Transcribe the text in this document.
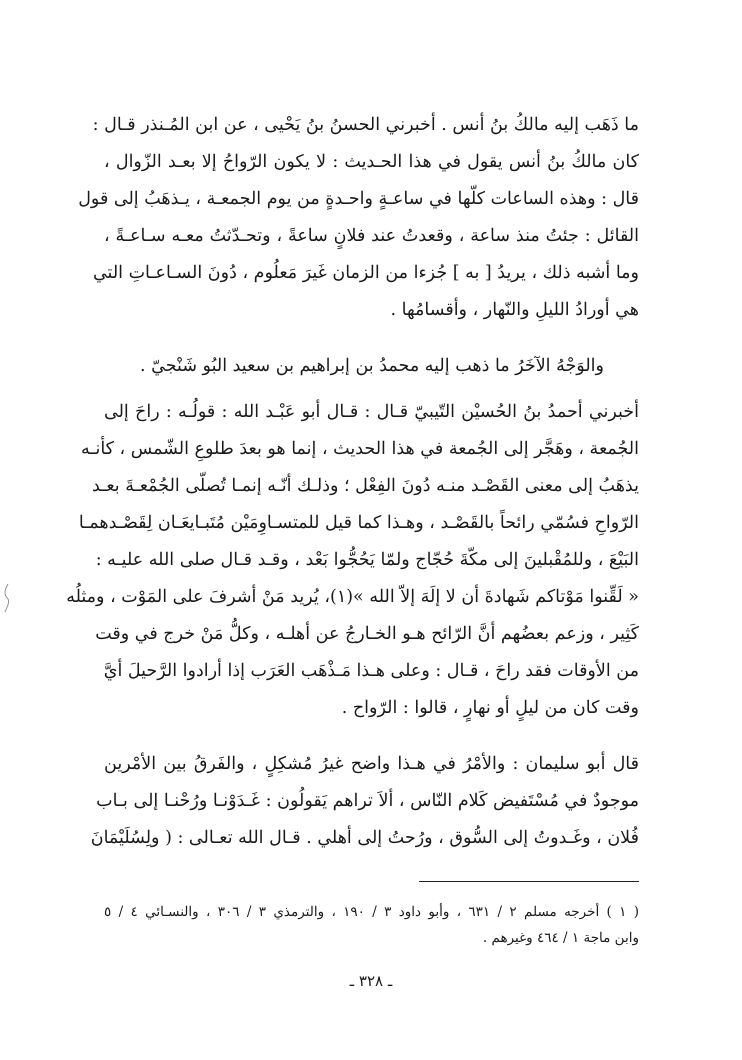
ما ذَهَب إليه مالكُ بنُ أنس . أخبرني الحسنُ بنُ يَحْيى ، عن ابن المُـنذر قـال :
كان مالكُ بنُ أنس يقول في هذا الحـديث : لا يكون الرّواحُ إلا بعـد الزّوال ،
قال : وهذه الساعات كلّها في ساعـةٍ واحـدةٍ من يوم الجمعـة ، يـذهَبُ إلى قول
القائل : جئتُ منذ ساعة ، وقعدتُ عند فلانٍ ساعةً ، وتحـدّثتُ معـه سـاعـةً ،
وما أشبه ذلك ، يريدُ [ به ] جُزءا من الزمان غَيرَ مَعلُوم ، دُونَ السـاعـاتِ التي
هي أورادُ الليلِ والنّهار ، وأقسامُها .
والوَجْهُ الآخَرُ ما ذهب إليه محمدُ بن إبراهيم بن سعيد البُو شَنْجيّ .
أخبرني أحمدُ بنُ الحُسيْن التّيبيّ قـال : قـال أبو عَبْـد الله : قولُـه : راحَ إلى
الجُمعة ، وهَجَّر إلى الجُمعة في هذا الحديث ، إنما هو بعدَ طلوعِ الشّمس ، كأنـه
يذهَبُ إلى معنى القَصْـد منـه دُونَ الفِعْل ؛ وذلـك أنّـه إنمـا تُصلّى الجُمْعـةَ بعـد
الرّواحِ فسُمّي رائحاً بالقَصْـد ، وهـذا كما قيل للمتسـاوِمَيْن مُتَبـايعَـان لِقَصْـدهمـا
البَيْعَ ، وللمُقْبلينَ إلى مكّةَ حُجّاج ولمّا يَحُجُّوا بَعْد ، وقـد قـال صلى الله عليـه :
« لَقِّنوا مَوْتاكم شَهادةَ أن لا إلَهَ إلاّ الله »(١)، يُريد مَنْ أشرفَ على المَوْت ، ومثلُه
كَثِير ، وزعم بعضُهم أنَّ الرّائح هـو الخـارجُ عن أهلـه ، وكلُّ مَنْ خرج في وقت
من الأوقات فقد راحَ ، قـال : وعلى هـذا مَـذْهَب العَرَب إذا أرادوا الرَّحيلَ أيَّ
وقت كان من ليلٍ أو نهارٍ ، قالوا : الرّواح .
قال أبو سليمان : والأمْرُ في هـذا واضح غيرُ مُشكِلٍ ، والفَرقُ بين الأمْرين
موجودٌ في مُسْتَفيض كَلام النّاس ، ألاَ تراهم يَقولُون : غَـدَوْنـا ورُحْنـا إلى بـاب
فُلان ، وغَـدوتُ إلى السُّوق ، ورُحتُ إلى أهلي . قـال الله تعـالى : ( ولِسُلَيْمَانَ
( ١ ) أخرجه مسلم ٢ / ٦٣١ ، وأبو داود ٣ / ١٩٠ ، والترمذي ٣ / ٣٠٦ ، والنسـائي ٤ / ٥
وابن ماجة ١ / ٤٦٤ وغيرهم .
ـ ٣٢٨ ـ
